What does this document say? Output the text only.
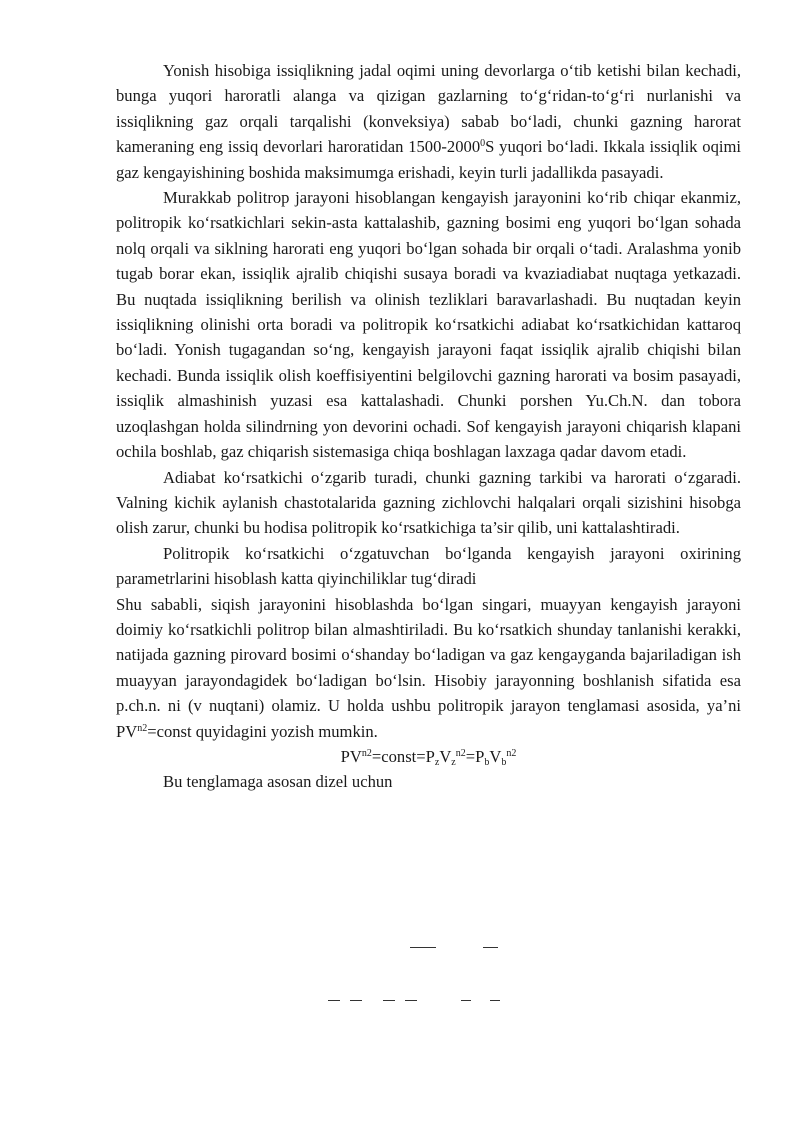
Yonish hisobiga issiqlikning jadal oqimi uning devorlarga o‘tib ketishi bilan kechadi, bunga yuqori haroratli alanga va qizigan gazlarning to‘g‘ridan-to‘g‘ri nurlanishi va issiqlikning gaz orqali tarqalishi (konveksiya) sabab bo‘ladi, chunki gazning harorat kameraning eng issiq devorlari haroratidan 1500-2000$^0$S yuqori bo‘ladi. Ikkala issiqlik oqimi gaz kengayishining boshida maksimumga erishadi, keyin turli jadallikda pasayadi.

Murakkab politrop jarayoni hisoblangan kengayish jarayonini ko‘rib chiqar ekanmiz, politropik ko‘rsatkichlari sekin-asta kattalashib, gazning bosimi eng yuqori bo‘lgan sohada nolq orqali va siklning harorati eng yuqori bo‘lgan sohada bir orqali o‘tadi. Aralashma yonib tugab borar ekan, issiqlik ajralib chiqishi susaya boradi va kvaziadiabat nuqtaga yetkazadi. Bu nuqtada issiqlikning berilish va olinish tezliklari baravarlashadi. Bu nuqtadan keyin issiqlikning olinishi orta boradi va politropik ko‘rsatkichi adiabat ko‘rsatkichidan kattaroq bo‘ladi. Yonish tugagandan so‘ng, kengayish jarayoni faqat issiqlik ajralib chiqishi bilan kechadi. Bunda issiqlik olish koeffisiyentini belgilovchi gazning harorati va bosim pasayadi, issiqlik almashinish yuzasi esa kattalashadi. Chunki porshen Yu.Ch.N. dan tobora uzoqlashgan holda silindrning yon devorini ochadi. Sof kengayish jarayoni chiqarish klapani ochila boshlab, gaz chiqarish sistemasiga chiqa boshlagan laxzaga qadar davom etadi.

Adiabat ko‘rsatkichi o‘zgarib turadi, chunki gazning tarkibi va harorati o‘zgaradi. Valning kichik aylanish chastotalarida gazning zichlovchi halqalari orqali sizishini hisobga olish zarur, chunki bu hodisa politropik ko‘rsatkichiga ta’sir qilib, uni kattalashtiradi.

Politropik ko‘rsatkichi o‘zgatuvchan bo‘lganda kengayish jarayoni oxirining parametrlarini hisoblash katta qiyinchiliklar tug‘diradi

Shu sababli, siqish jarayonini hisoblashda bo‘lgan singari, muayyan kengayish jarayoni doimiy ko‘rsatkichli politrop bilan almashtiriladi. Bu ko‘rsatkich shunday tanlanishi kerakki, natijada gazning pirovard bosimi o‘shanday bo‘ladigan va gaz kengayganda bajariladigan ish muayyan jarayondagidek bo‘ladigan bo‘lsin. Hisobiy jarayonning boshlanish sifatida esa p.ch.n. ni (v nuqtani) olamiz. U holda ushbu politropik jarayon tenglamasi asosida, ya’ni $PV^{n2}=const$ quyidagini yozish mumkin.

$PV^{n2}=const=P_zV_z^{n2}=P_bV_b^{n2}$

Bu tenglamaga asosan dizel uchun
